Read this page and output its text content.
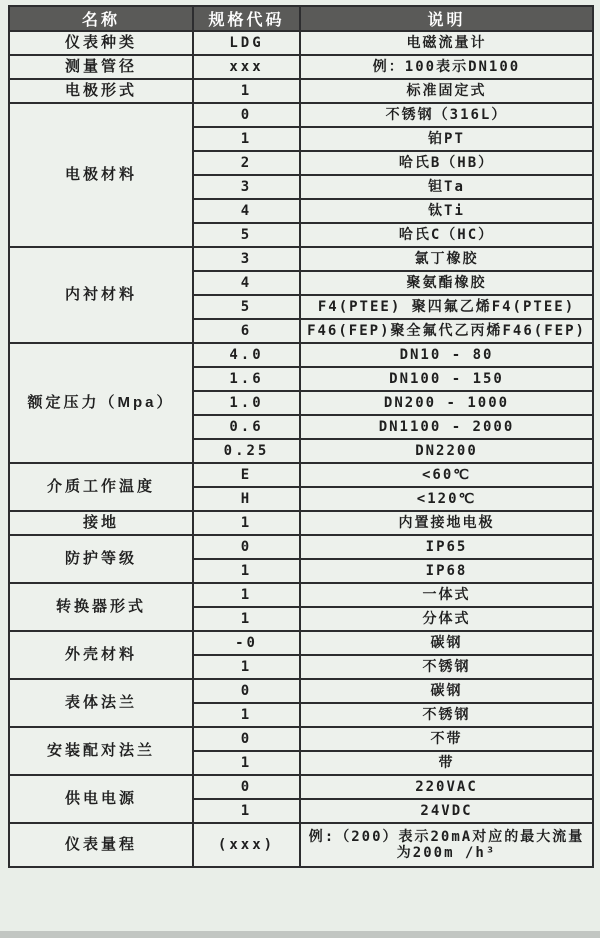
名称	规格代码	说明
仪表种类	LDG	电磁流量计
测量管径	xxx	例：100表示DN100
电极形式	1	标准固定式
电极材料	0	不锈钢（316L）
	1	铂PT
	2	哈氏B（HB）
	3	钽Ta
	4	钛Ti
	5	哈氏C（HC）
内衬材料	3	氯丁橡胶
	4	聚氨酯橡胶
	5	F4(PTEE) 聚四氟乙烯F4(PTEE)
	6	F46(FEP)聚全氟代乙丙烯F46(FEP)
额定压力（Mpa）	4.0	DN10 - 80
	1.6	DN100 - 150
	1.0	DN200 - 1000
	0.6	DN1100 - 2000
	0.25	DN2200
介质工作温度	E	<60℃
	H	<120℃
接地	1	内置接地电极
防护等级	0	IP65
	1	IP68
转换器形式	1	一体式
	1	分体式
外壳材料	-0	碳钢
	1	不锈钢
表体法兰	0	碳钢
	1	不锈钢
安装配对法兰	0	不带
	1	带
供电电源	0	220VAC
	1	24VDC
仪表量程	(xxx)	例:（200）表示20mA对应的最大流量为200m /h³
